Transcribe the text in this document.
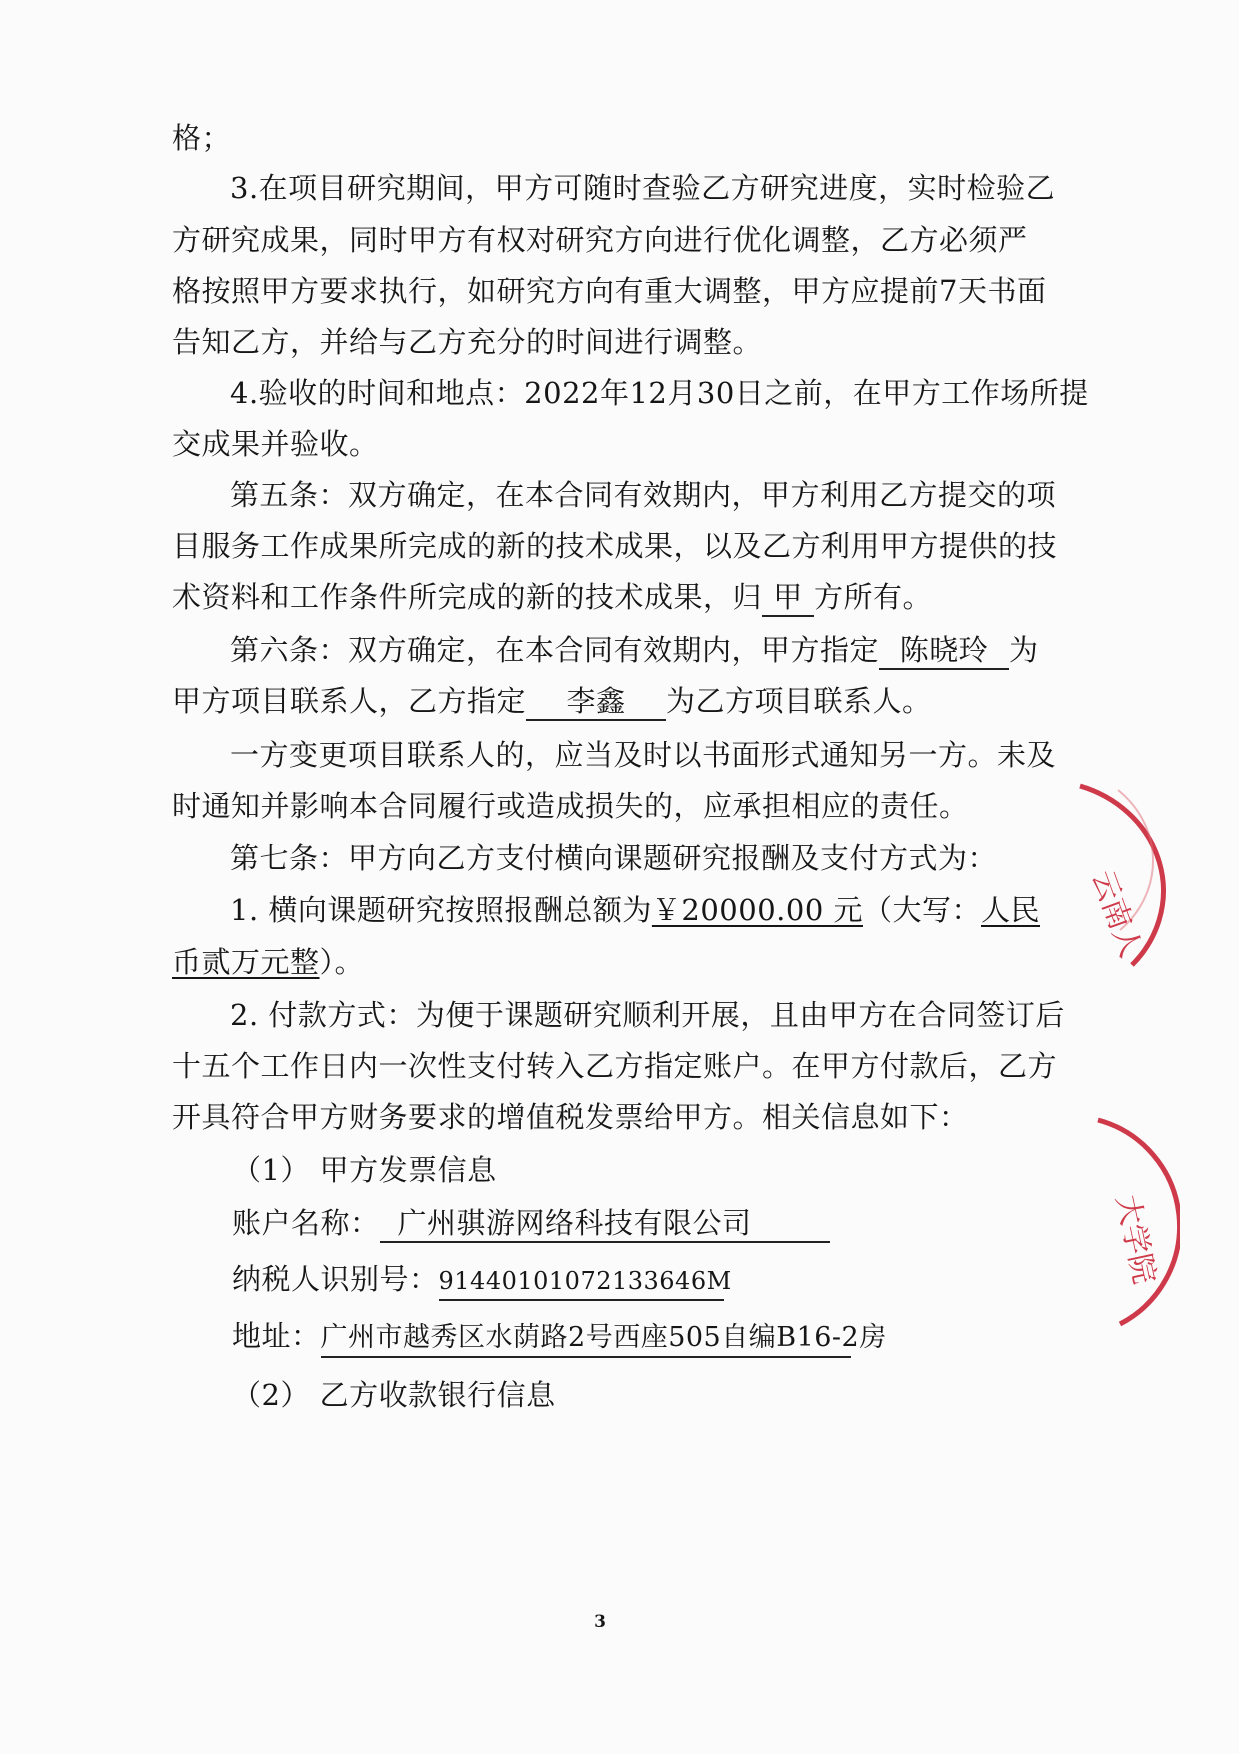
格；
3.在项目研究期间，甲方可随时查验乙方研究进度，实时检验乙
方研究成果，同时甲方有权对研究方向进行优化调整，乙方必须严
格按照甲方要求执行，如研究方向有重大调整，甲方应提前7天书面
告知乙方，并给与乙方充分的时间进行调整。
4.验收的时间和地点：2022年12月30日之前，在甲方工作场所提
交成果并验收。
第五条：双方确定，在本合同有效期内，甲方利用乙方提交的项
目服务工作成果所完成的新的技术成果，以及乙方利用甲方提供的技
术资料和工作条件所完成的新的技术成果，归甲方所有。
第六条：双方确定，在本合同有效期内，甲方指定 陈晓玲 为
甲方项目联系人，乙方指定 李鑫 为乙方项目联系人。
一方变更项目联系人的，应当及时以书面形式通知另一方。未及
时通知并影响本合同履行或造成损失的，应承担相应的责任。
第七条：甲方向乙方支付横向课题研究报酬及支付方式为：
1. 横向课题研究按照报酬总额为￥20000.00 元（大写：人民
币贰万元整）。
2. 付款方式：为便于课题研究顺利开展，且由甲方在合同签订后
十五个工作日内一次性支付转入乙方指定账户。在甲方付款后，乙方
开具符合甲方财务要求的增值税发票给甲方。相关信息如下：
（1） 甲方发票信息
账户名称： 广州骐游网络科技有限公司
纳税人识别号：91440101072133646M
地址：广州市越秀区水荫路2号西座505自编B16-2房
（2） 乙方收款银行信息
3
云南人
大学院
